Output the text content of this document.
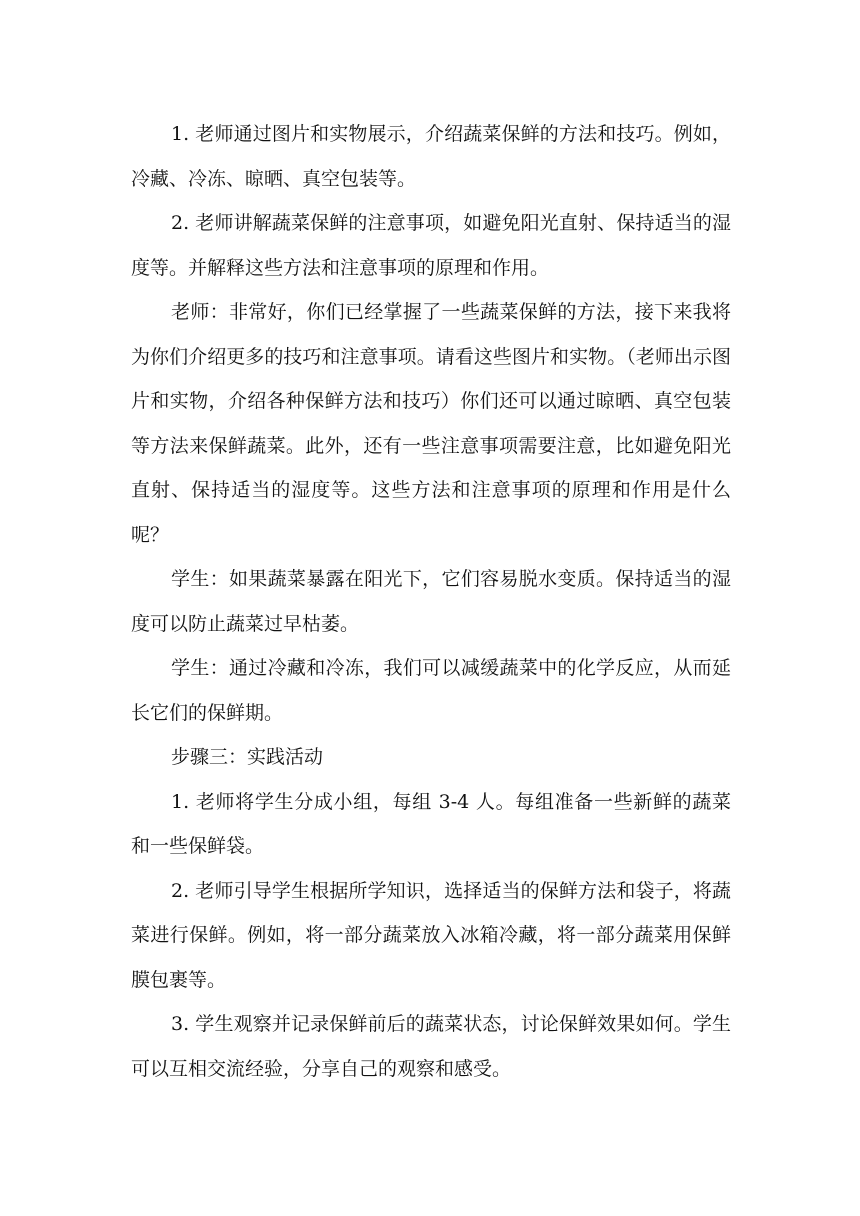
1. 老师通过图片和实物展示，介绍蔬菜保鲜的方法和技巧。例如，冷藏、冷冻、晾晒、真空包装等。

2. 老师讲解蔬菜保鲜的注意事项，如避免阳光直射、保持适当的湿度等。并解释这些方法和注意事项的原理和作用。

老师：非常好，你们已经掌握了一些蔬菜保鲜的方法，接下来我将为你们介绍更多的技巧和注意事项。请看这些图片和实物。（老师出示图片和实物，介绍各种保鲜方法和技巧）你们还可以通过晾晒、真空包装等方法来保鲜蔬菜。此外，还有一些注意事项需要注意，比如避免阳光直射、保持适当的湿度等。这些方法和注意事项的原理和作用是什么呢？

学生：如果蔬菜暴露在阳光下，它们容易脱水变质。保持适当的湿度可以防止蔬菜过早枯萎。

学生：通过冷藏和冷冻，我们可以减缓蔬菜中的化学反应，从而延长它们的保鲜期。

步骤三：实践活动

1. 老师将学生分成小组，每组 3-4 人。每组准备一些新鲜的蔬菜和一些保鲜袋。

2. 老师引导学生根据所学知识，选择适当的保鲜方法和袋子，将蔬菜进行保鲜。例如，将一部分蔬菜放入冰箱冷藏，将一部分蔬菜用保鲜膜包裹等。

3. 学生观察并记录保鲜前后的蔬菜状态，讨论保鲜效果如何。学生可以互相交流经验，分享自己的观察和感受。
